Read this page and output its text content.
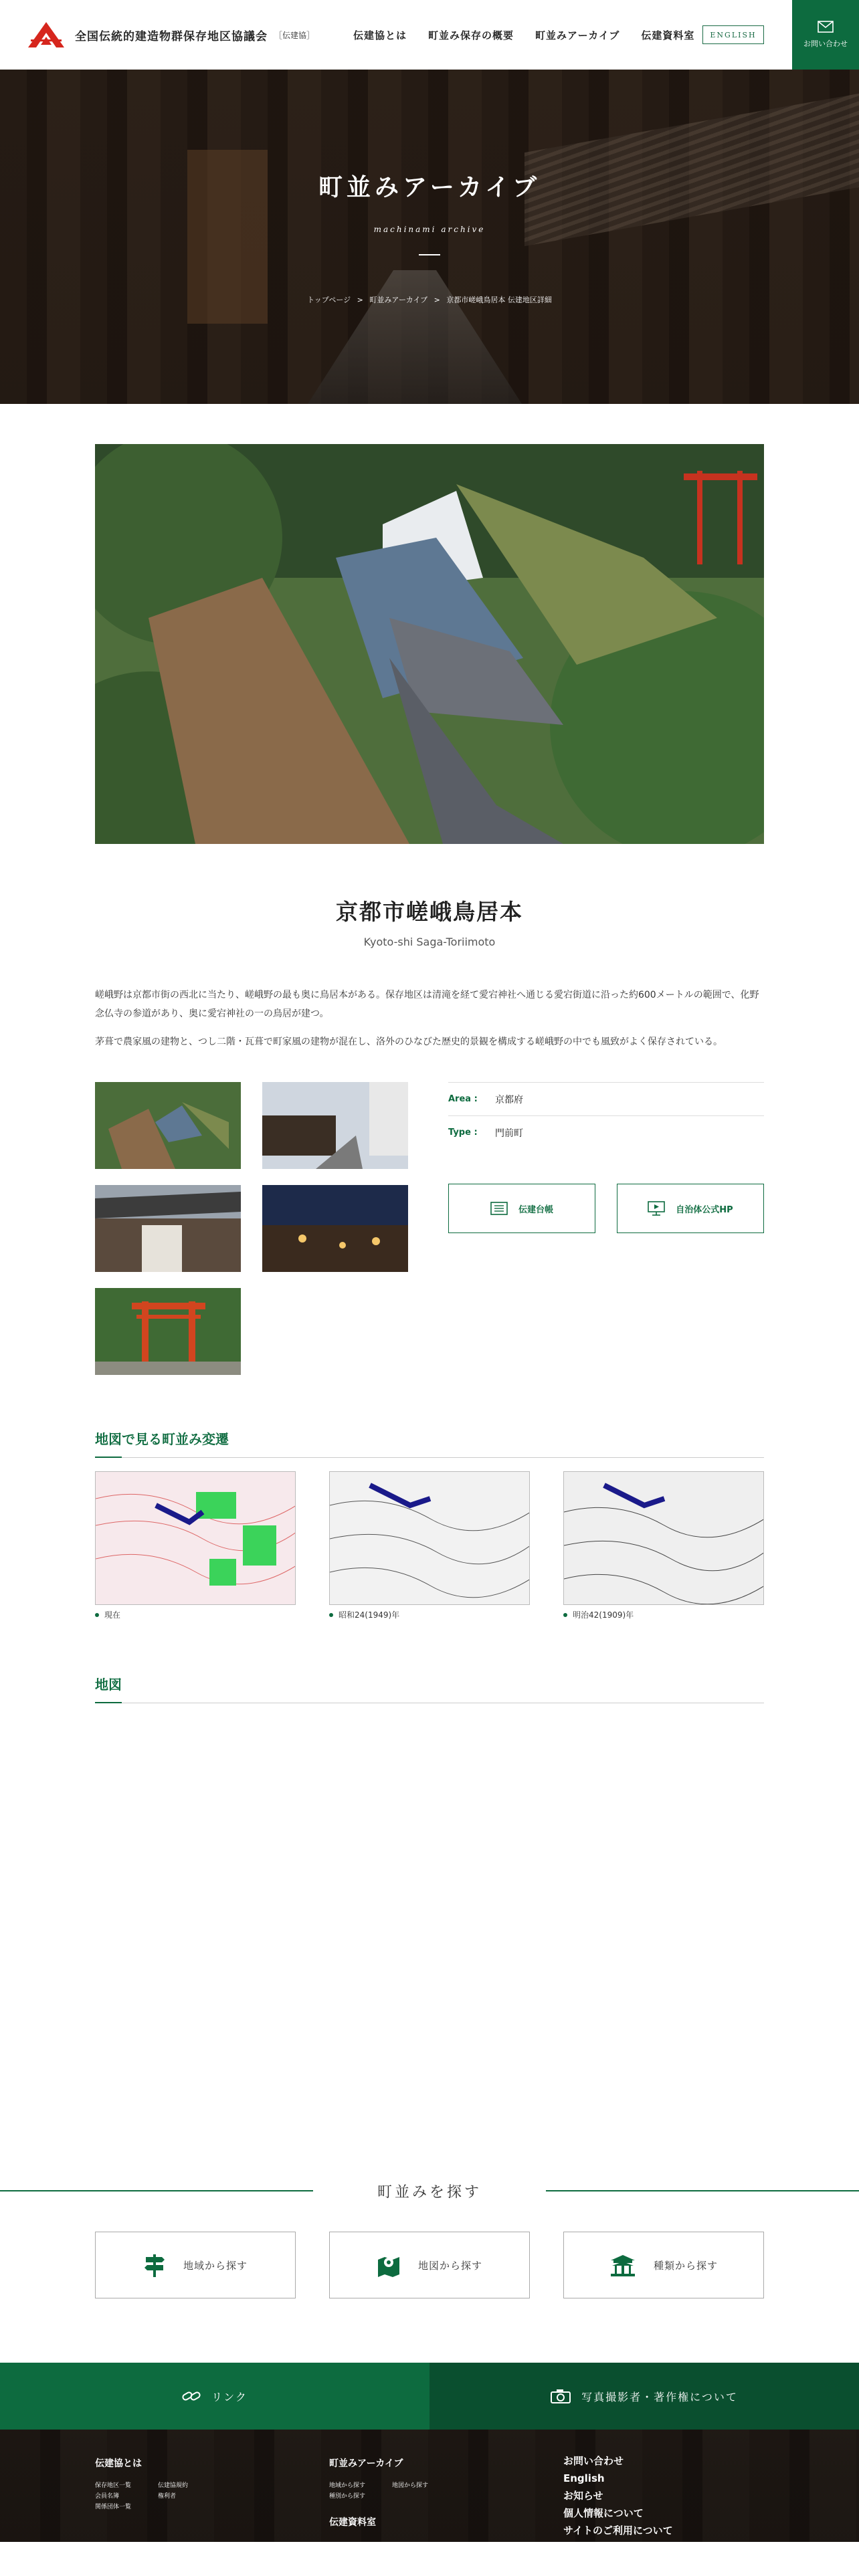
全国伝統的建造物群保存地区協議会 ［伝建協］	伝建協とは 町並み保存の概要 町並みアーカイブ 伝建資料室	ENGLISH
お問い合わせ
町並みアーカイブ
machinami archive
トップページ > 町並みアーカイブ > 京都市嵯峨鳥居本 伝建地区詳細
京都市嵯峨鳥居本
Kyoto-shi Saga-Toriimoto

嵯峨野は京都市街の西北に当たり、嵯峨野の最も奥に鳥居本がある。保存地区は清滝を経て愛宕神社へ通じる愛宕街道に沿った約600メートルの範囲で、化野念仏寺の参道があり、奥に愛宕神社の一の鳥居が建つ。

茅葺で農家風の建物と、つし二階・瓦葺で町家風の建物が混在し、洛外のひなびた歴史的景観を構成する嵯峨野の中でも風致がよく保存されている。

Area :	京都府
Type :	門前町
伝建台帳	自治体公式HP
地図で見る町並み変遷
現在	昭和24(1949)年	明治42(1909)年
地図
町並みを探す
地域から探す	地図から探す	種類から探す
リンク	写真撮影者・著作権について
伝建協とは
保存地区一覧
会員名簿
関係団体一覧
伝建協規約
権利者
町並みアーカイブ
地域から探す
種別から探す
地図から探す
伝建資料室
お問い合わせ
English
お知らせ
個人情報について
サイトのご利用について
